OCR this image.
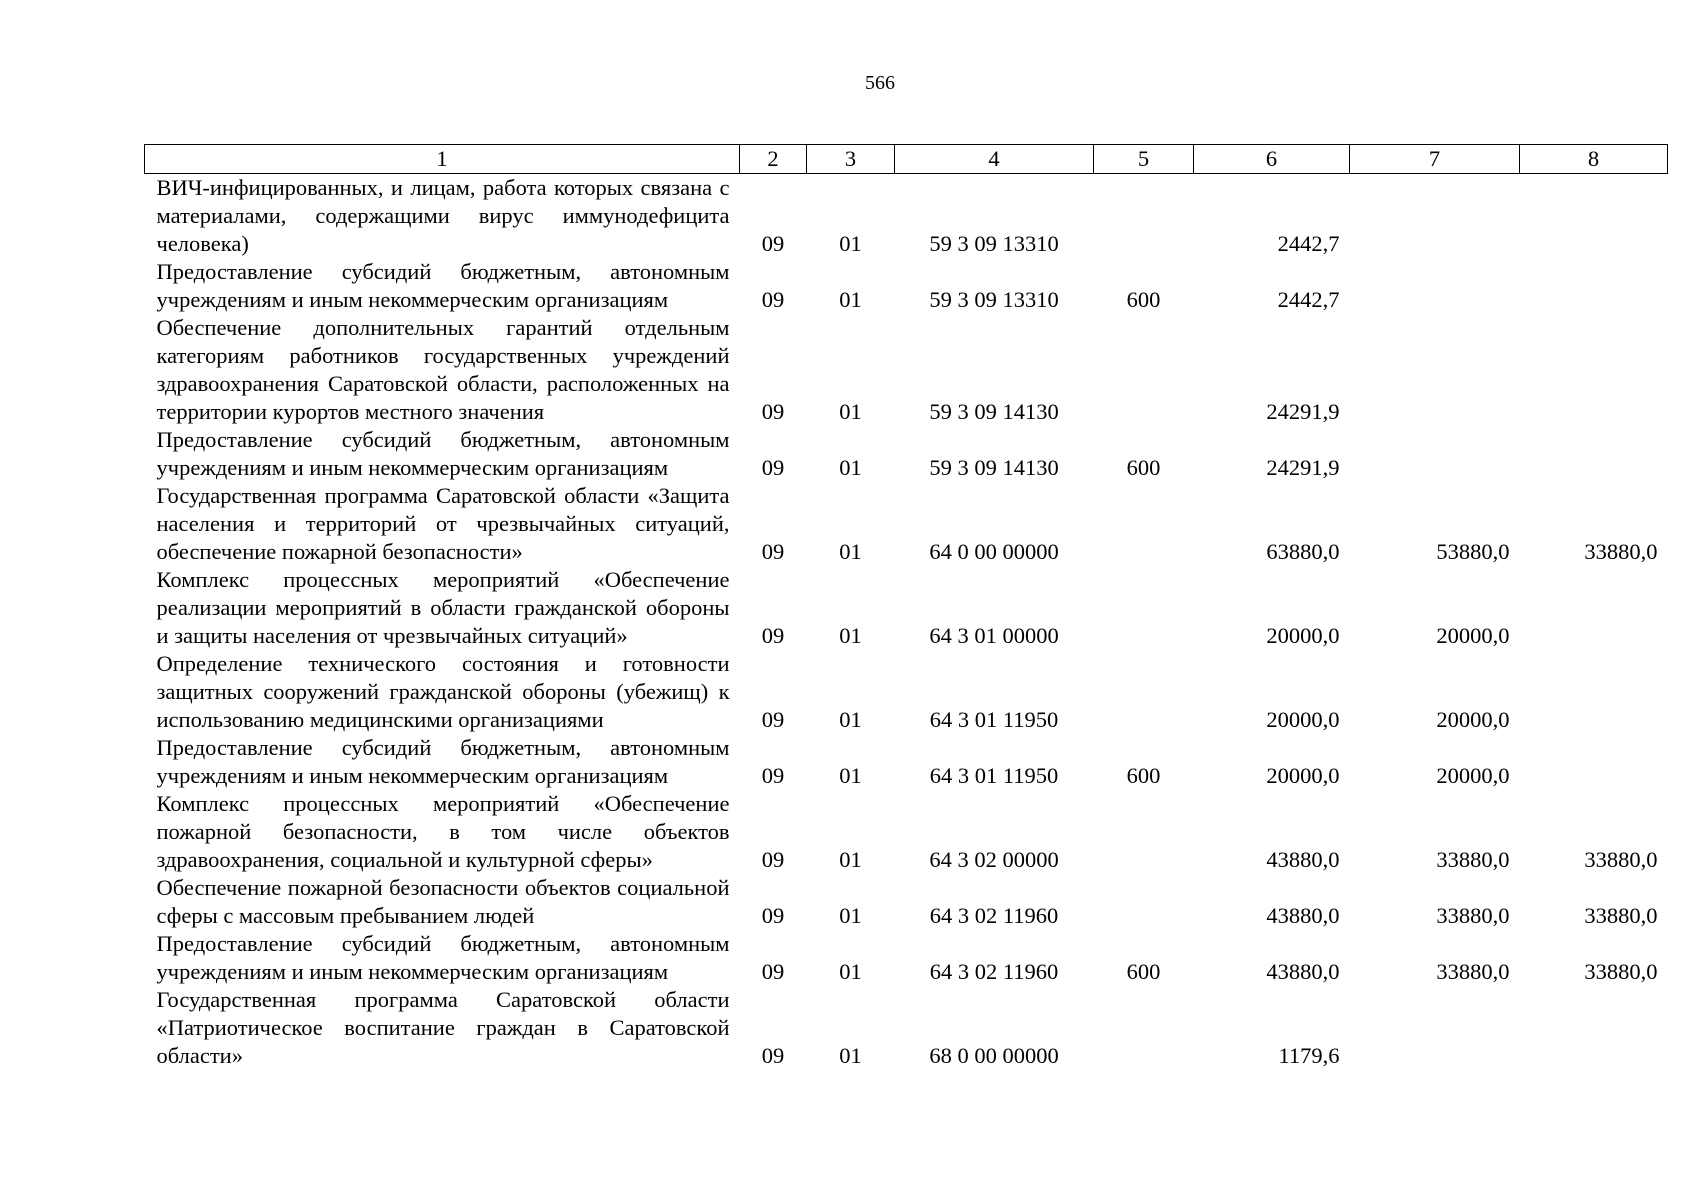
566
1	2	3	4	5	6	7	8
ВИЧ-инфицированных, и лицам, работа которых связана с материалами, содержащими вирус иммунодефицита человека)	09	01	59 3 09 13310		2442,7		
Предоставление субсидий бюджетным, автономным учреждениям и иным некоммерческим организациям	09	01	59 3 09 13310	600	2442,7		
Обеспечение дополнительных гарантий отдельным категориям работников государственных учреждений здравоохранения Саратовской области, расположенных на территории курортов местного значения	09	01	59 3 09 14130		24291,9		
Предоставление субсидий бюджетным, автономным учреждениям и иным некоммерческим организациям	09	01	59 3 09 14130	600	24291,9		
Государственная программа Саратовской области «Защита населения и территорий от чрезвычайных ситуаций, обеспечение пожарной безопасности»	09	01	64 0 00 00000		63880,0	53880,0	33880,0
Комплекс процессных мероприятий «Обеспечение реализации мероприятий в области гражданской обороны и защиты населения от чрезвычайных ситуаций»	09	01	64 3 01 00000		20000,0	20000,0	
Определение технического состояния и готовности защитных сооружений гражданской обороны (убежищ) к использованию медицинскими организациями	09	01	64 3 01 11950		20000,0	20000,0	
Предоставление субсидий бюджетным, автономным учреждениям и иным некоммерческим организациям	09	01	64 3 01 11950	600	20000,0	20000,0	
Комплекс процессных мероприятий «Обеспечение пожарной безопасности, в том числе объектов здравоохранения, социальной и культурной сферы»	09	01	64 3 02 00000		43880,0	33880,0	33880,0
Обеспечение пожарной безопасности объектов социальной сферы с массовым пребыванием людей	09	01	64 3 02 11960		43880,0	33880,0	33880,0
Предоставление субсидий бюджетным, автономным учреждениям и иным некоммерческим организациям	09	01	64 3 02 11960	600	43880,0	33880,0	33880,0
Государственная программа Саратовской области «Патриотическое воспитание граждан в Саратовской области»	09	01	68 0 00 00000		1179,6		
